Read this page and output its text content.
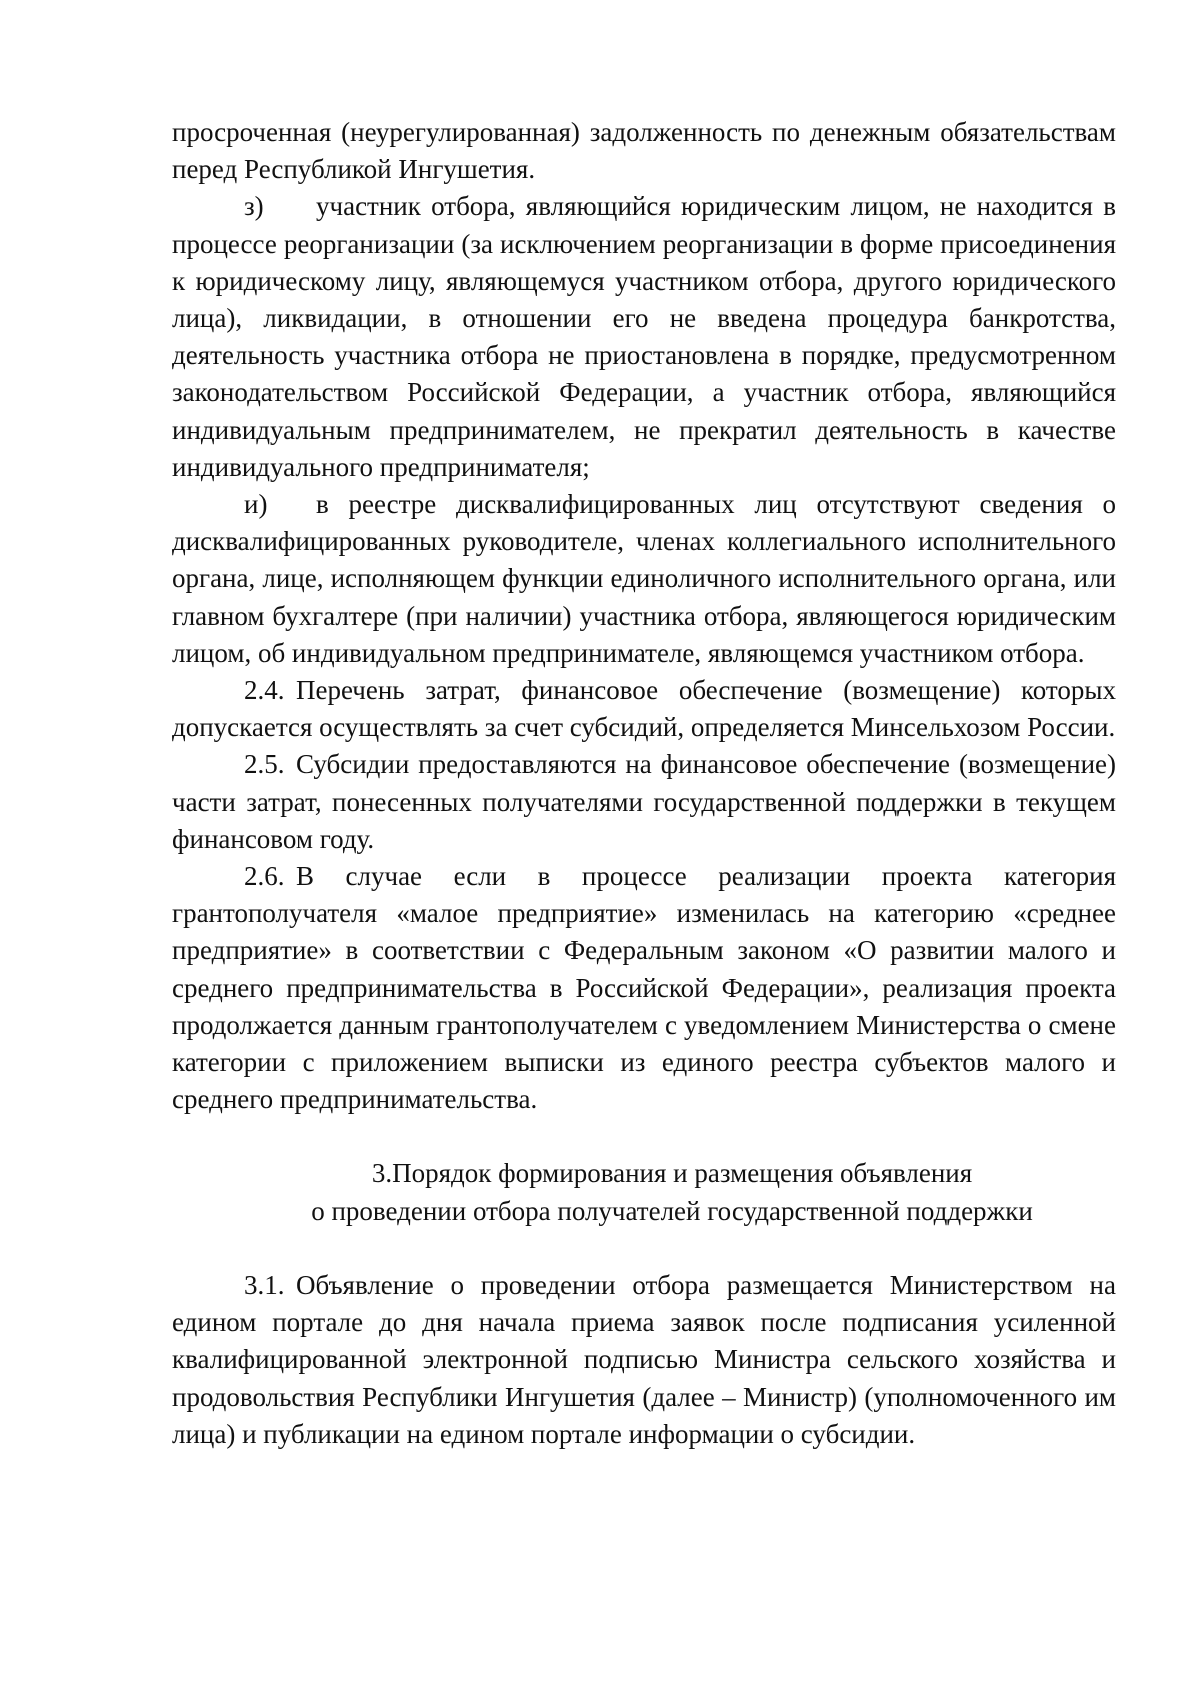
просроченная (неурегулированная) задолженность по денежным обязательствам перед Республикой Ингушетия.

з) участник отбора, являющийся юридическим лицом, не находится в процессе реорганизации (за исключением реорганизации в форме присоединения к юридическому лицу, являющемуся участником отбора, другого юридического лица), ликвидации, в отношении его не введена процедура банкротства, деятельность участника отбора не приостановлена в порядке, предусмотренном законодательством Российской Федерации, а участник отбора, являющийся индивидуальным предпринимателем, не прекратил деятельность в качестве индивидуального предпринимателя;

и) в реестре дисквалифицированных лиц отсутствуют сведения о дисквалифицированных руководителе, членах коллегиального исполнительного органа, лице, исполняющем функции единоличного исполнительного органа, или главном бухгалтере (при наличии) участника отбора, являющегося юридическим лицом, об индивидуальном предпринимателе, являющемся участником отбора.

2.4. Перечень затрат, финансовое обеспечение (возмещение) которых допускается осуществлять за счет субсидий, определяется Минсельхозом России.

2.5. Субсидии предоставляются на финансовое обеспечение (возмещение) части затрат, понесенных получателями государственной поддержки в текущем финансовом году.

2.6. В случае если в процессе реализации проекта категория грантополучателя «малое предприятие» изменилась на категорию «среднее предприятие» в соответствии с Федеральным законом «О развитии малого и среднего предпринимательства в Российской Федерации», реализация проекта продолжается данным грантополучателем с уведомлением Министерства о смене категории с приложением выписки из единого реестра субъектов малого и среднего предпринимательства.

3.Порядок формирования и размещения объявления

о проведении отбора получателей государственной поддержки

3.1. Объявление о проведении отбора размещается Министерством на едином портале до дня начала приема заявок после подписания усиленной квалифицированной электронной подписью Министра сельского хозяйства и продовольствия Республики Ингушетия (далее – Министр) (уполномоченного им лица) и публикации на едином портале информации о субсидии.
